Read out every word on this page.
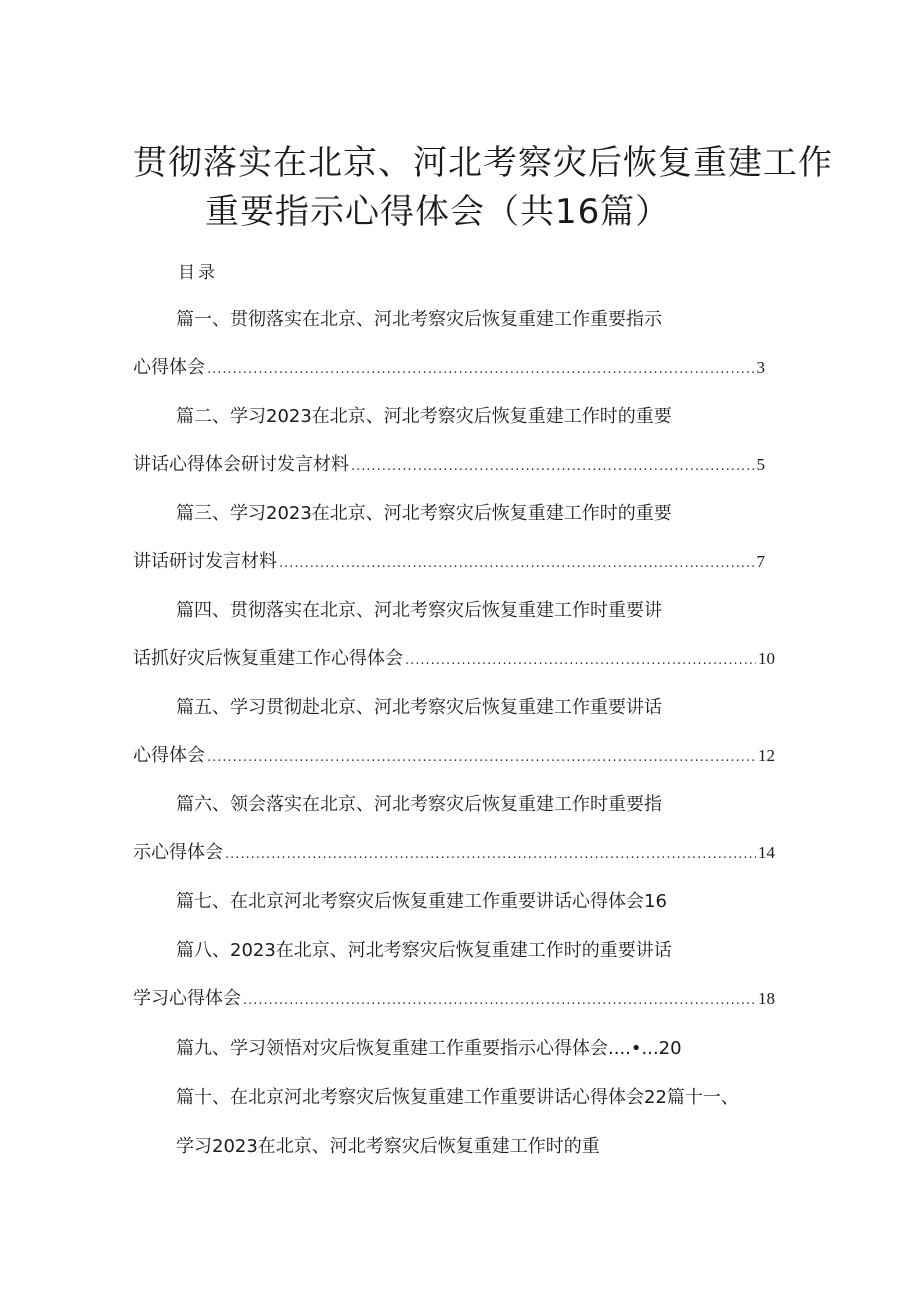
贯彻落实在北京、河北考察灾后恢复重建工作
重要指示心得体会（共16篇）
目录
篇一、贯彻落实在北京、河北考察灾后恢复重建工作重要指示
心得体会 .....	3
篇二、学习2023在北京、河北考察灾后恢复重建工作时的重要
讲话心得体会研讨发言材料 .....	5
篇三、学习2023在北京、河北考察灾后恢复重建工作时的重要
讲话研讨发言材料 .....	7
篇四、贯彻落实在北京、河北考察灾后恢复重建工作时重要讲
话抓好灾后恢复重建工作心得体会 .....	10
篇五、学习贯彻赴北京、河北考察灾后恢复重建工作重要讲话
心得体会 .....	12
篇六、领会落实在北京、河北考察灾后恢复重建工作时重要指
示心得体会 .....	14
篇七、在北京河北考察灾后恢复重建工作重要讲话心得体会16
篇八、2023在北京、河北考察灾后恢复重建工作时的重要讲话
学习心得体会 .....	18
篇九、学习领悟对灾后恢复重建工作重要指示心得体会....•...20
篇十、在北京河北考察灾后恢复重建工作重要讲话心得体会22篇十一、
学习2023在北京、河北考察灾后恢复重建工作时的重
